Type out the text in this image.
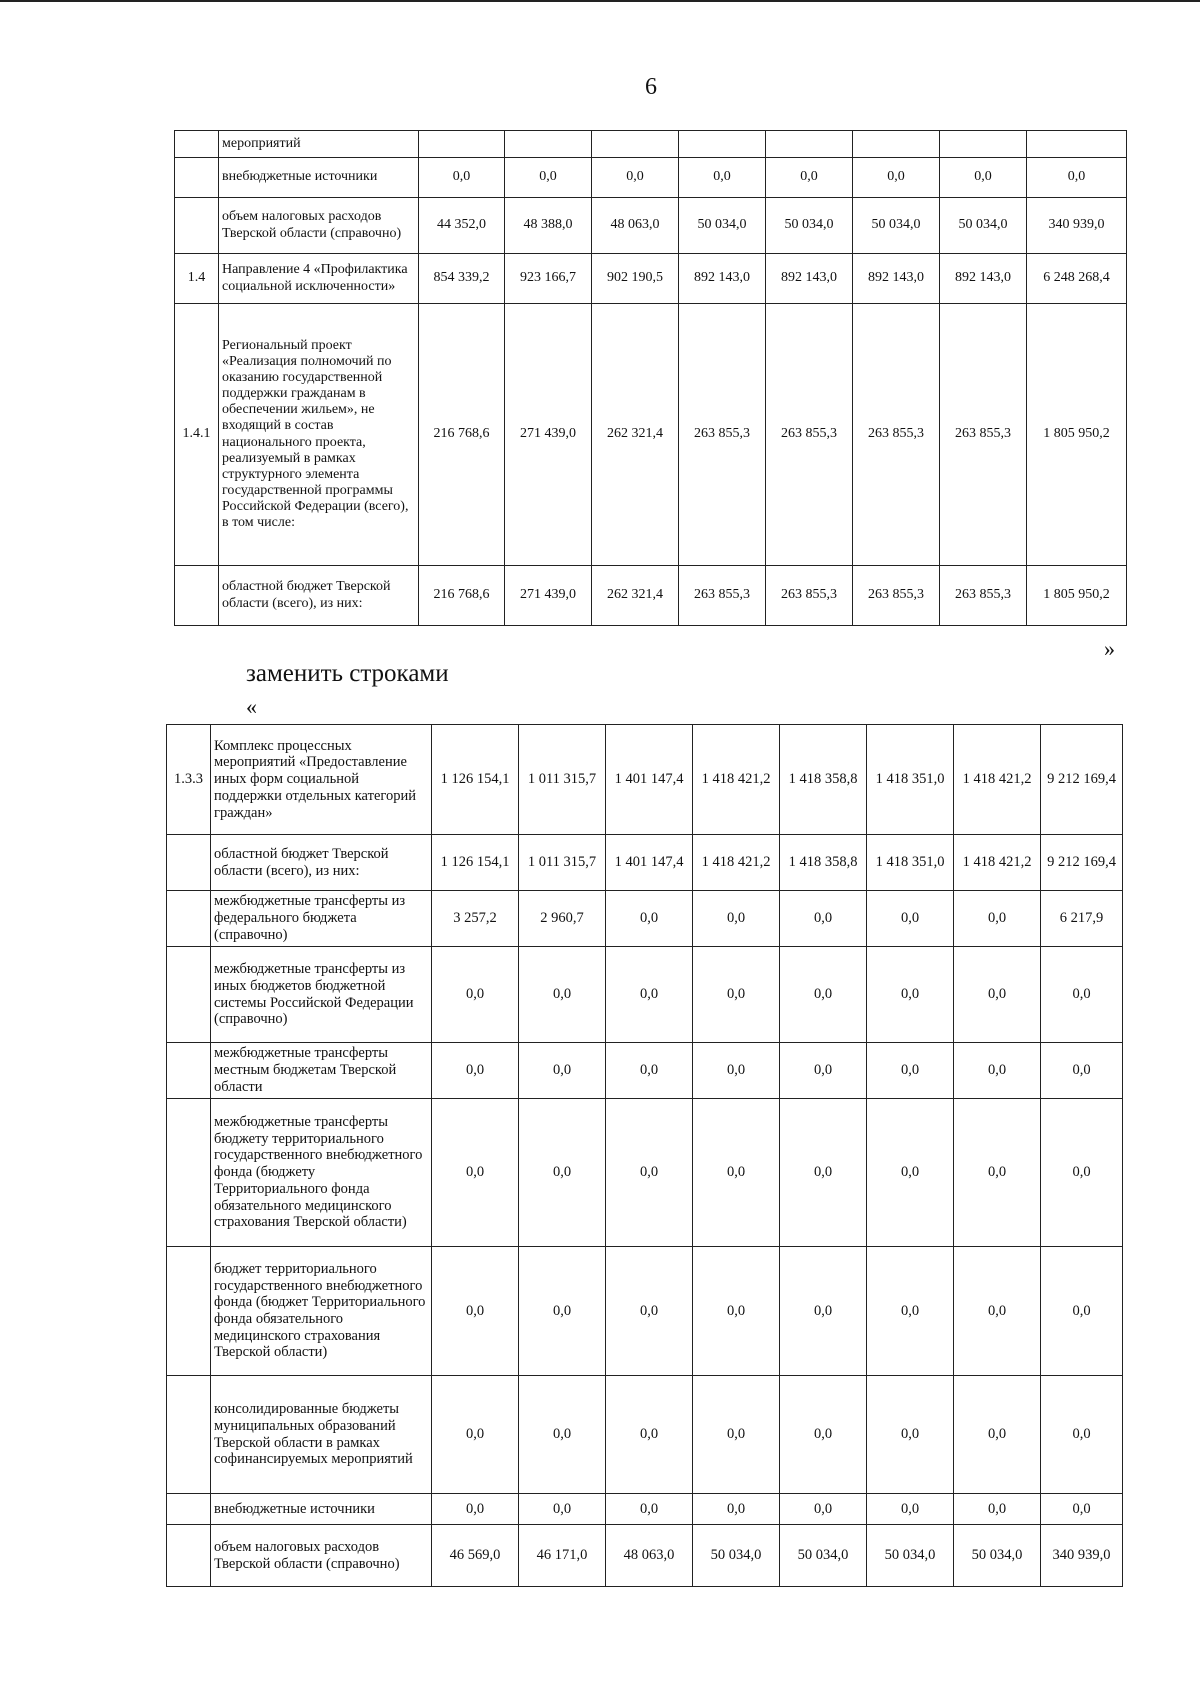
6
	мероприятий								
	внебюджетные источники	0,0	0,0	0,0	0,0	0,0	0,0	0,0	0,0
	объем налоговых расходов Тверской области (справочно)	44 352,0	48 388,0	48 063,0	50 034,0	50 034,0	50 034,0	50 034,0	340 939,0
1.4	Направление 4 «Профилактика социальной исключенности»	854 339,2	923 166,7	902 190,5	892 143,0	892 143,0	892 143,0	892 143,0	6 248 268,4
1.4.1	Региональный проект «Реализация полномочий по оказанию государственной поддержки гражданам в обеспечении жильем», не входящий в состав национального проекта, реализуемый в рамках структурного элемента государственной программы Российской Федерации (всего), в том числе:	216 768,6	271 439,0	262 321,4	263 855,3	263 855,3	263 855,3	263 855,3	1 805 950,2
	областной бюджет Тверской области (всего), из них:	216 768,6	271 439,0	262 321,4	263 855,3	263 855,3	263 855,3	263 855,3	1 805 950,2
»
заменить строками
«
1.3.3	Комплекс процессных мероприятий «Предоставление иных форм социальной поддержки отдельных категорий граждан»	1 126 154,1	1 011 315,7	1 401 147,4	1 418 421,2	1 418 358,8	1 418 351,0	1 418 421,2	9 212 169,4
	областной бюджет Тверской области (всего), из них:	1 126 154,1	1 011 315,7	1 401 147,4	1 418 421,2	1 418 358,8	1 418 351,0	1 418 421,2	9 212 169,4
	межбюджетные трансферты из федерального бюджета (справочно)	3 257,2	2 960,7	0,0	0,0	0,0	0,0	0,0	6 217,9
	межбюджетные трансферты из иных бюджетов бюджетной системы Российской Федерации (справочно)	0,0	0,0	0,0	0,0	0,0	0,0	0,0	0,0
	межбюджетные трансферты местным бюджетам Тверской области	0,0	0,0	0,0	0,0	0,0	0,0	0,0	0,0
	межбюджетные трансферты бюджету территориального государственного внебюджетного фонда (бюджету Территориального фонда обязательного медицинского страхования Тверской области)	0,0	0,0	0,0	0,0	0,0	0,0	0,0	0,0
	бюджет территориального государственного внебюджетного фонда (бюджет Территориального фонда обязательного медицинского страхования Тверской области)	0,0	0,0	0,0	0,0	0,0	0,0	0,0	0,0
	консолидированные бюджеты муниципальных образований Тверской области в рамках софинансируемых мероприятий	0,0	0,0	0,0	0,0	0,0	0,0	0,0	0,0
	внебюджетные источники	0,0	0,0	0,0	0,0	0,0	0,0	0,0	0,0
	объем налоговых расходов Тверской области (справочно)	46 569,0	46 171,0	48 063,0	50 034,0	50 034,0	50 034,0	50 034,0	340 939,0
